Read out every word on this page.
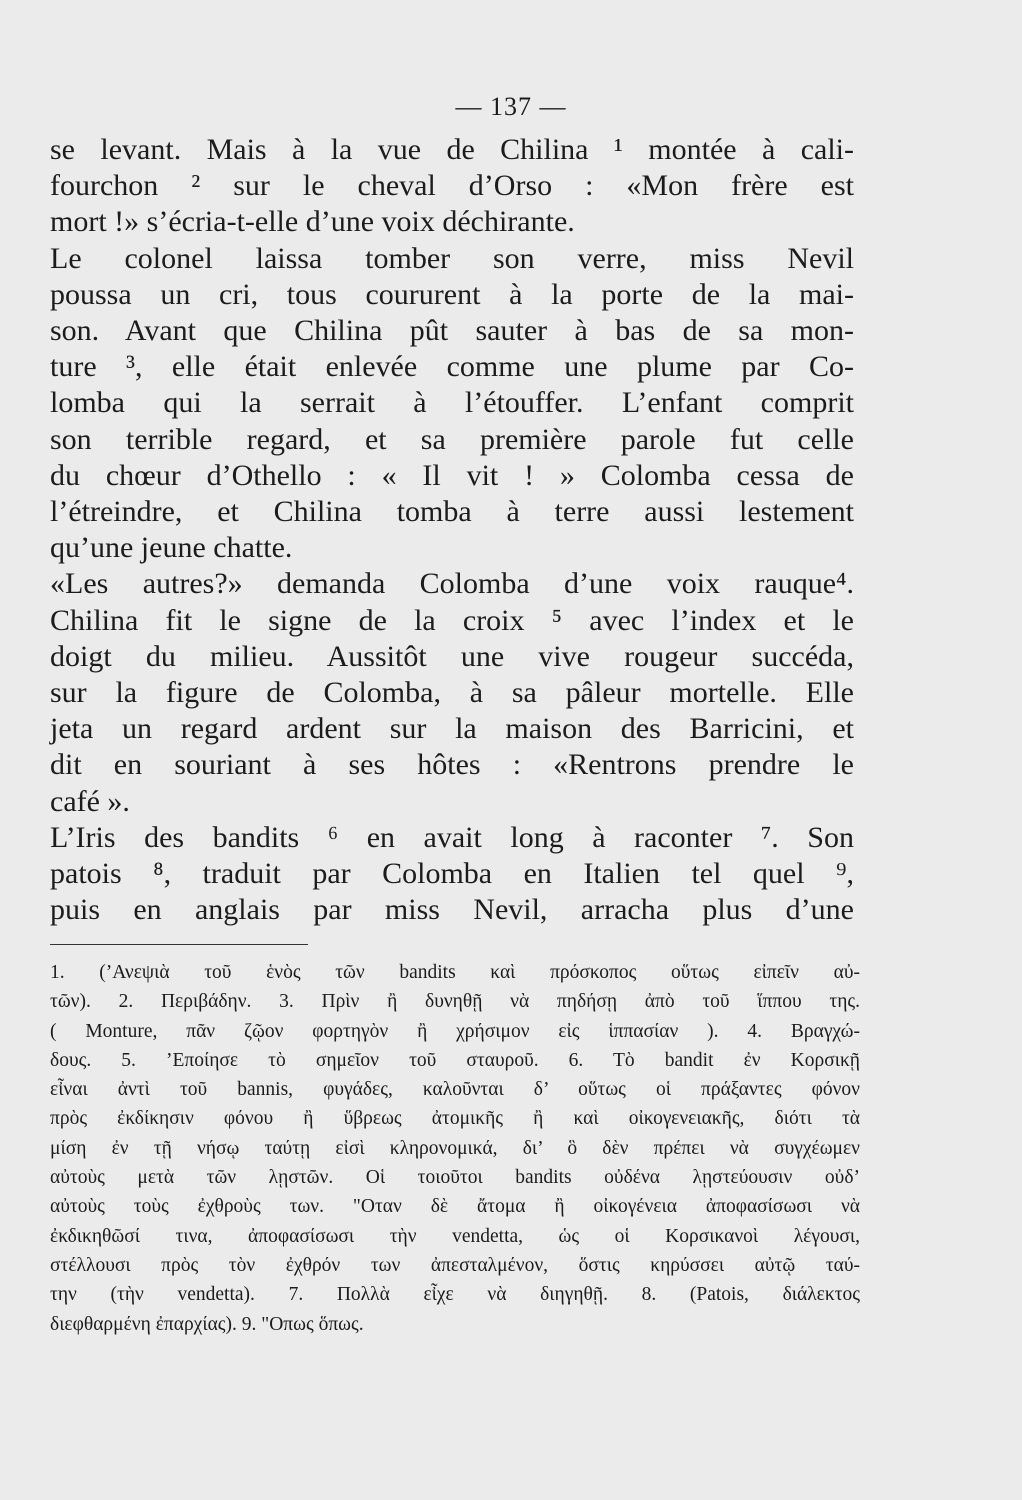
— 137 —
se levant. Mais à la vue de Chilina ¹ montée à cali-
fourchon ² sur le cheval d’Orso : «Mon frère est
mort !» s’écria-t-elle d’une voix déchirante.
Le colonel laissa tomber son verre, miss Nevil
poussa un cri, tous coururent à la porte de la mai-
son. Avant que Chilina pût sauter à bas de sa mon-
ture ³, elle était enlevée comme une plume par Co-
lomba qui la serrait à l’étouffer. L’enfant comprit
son terrible regard, et sa première parole fut celle
du chœur d’Othello : « Il vit ! » Colomba cessa de
l’étreindre, et Chilina tomba à terre aussi lestement
qu’une jeune chatte.
«Les autres?» demanda Colomba d’une voix rauque⁴.
Chilina fit le signe de la croix ⁵ avec l’index et le
doigt du milieu. Aussitôt une vive rougeur succéda,
sur la figure de Colomba, à sa pâleur mortelle. Elle
jeta un regard ardent sur la maison des Barricini, et
dit en souriant à ses hôtes : «Rentrons prendre le
café ».
L’Iris des bandits ⁶ en avait long à raconter ⁷. Son
patois ⁸, traduit par Colomba en Italien tel quel ⁹,
puis en anglais par miss Nevil, arracha plus d’une
1. (’Ανεψιὰ τοῦ ἑνὸς τῶν bandits καὶ πρόσκοπος οὕτως εἰπεῖν αὐ-
τῶν). 2. Περιβάδην. 3. Πρὶν ἢ δυνηθῇ νὰ πηδήσῃ ἀπὸ τοῦ ἵππου της.
( Monture, πᾶν ζῷον φορτηγὸν ἢ χρήσιμον εἰς ἱππασίαν ). 4. Βραγχώ-
δους. 5. ’Εποίησε τὸ σημεῖον τοῦ σταυροῦ. 6. Τὸ bandit ἐν Κορσικῇ
εἶναι ἀντὶ τοῦ bannis, φυγάδες, καλοῦνται δ’ οὕτως οἱ πράξαντες φόνον
πρὸς ἐκδίκησιν φόνου ἢ ὕβρεως ἀτομικῆς ἢ καὶ οἰκογενειακῆς, διότι τὰ
μίση ἐν τῇ νήσῳ ταύτῃ εἰσὶ κληρονομικά, δι’ ὃ δὲν πρέπει νὰ συγχέωμεν
αὐτοὺς μετὰ τῶν λῃστῶν. Οἱ τοιοῦτοι bandits οὐδένα λῃστεύουσιν οὐδ’
αὐτοὺς τοὺς ἐχθροὺς των. "Οταν δὲ ἄτομα ἢ οἰκογένεια ἀποφασίσωσι νὰ
ἐκδικηθῶσί τινα, ἀποφασίσωσι τὴν vendetta, ὡς οἱ Κορσικανοὶ λέγουσι,
στέλλουσι πρὸς τὸν ἐχθρόν των ἀπεσταλμένον, ὅστις κηρύσσει αὐτῷ ταύ-
την (τὴν vendetta). 7. Πολλὰ εἶχε νὰ διηγηθῇ. 8. (Patois, διάλεκτος
διεφθαρμένη ἐπαρχίας). 9. "Οπως ὅπως.
